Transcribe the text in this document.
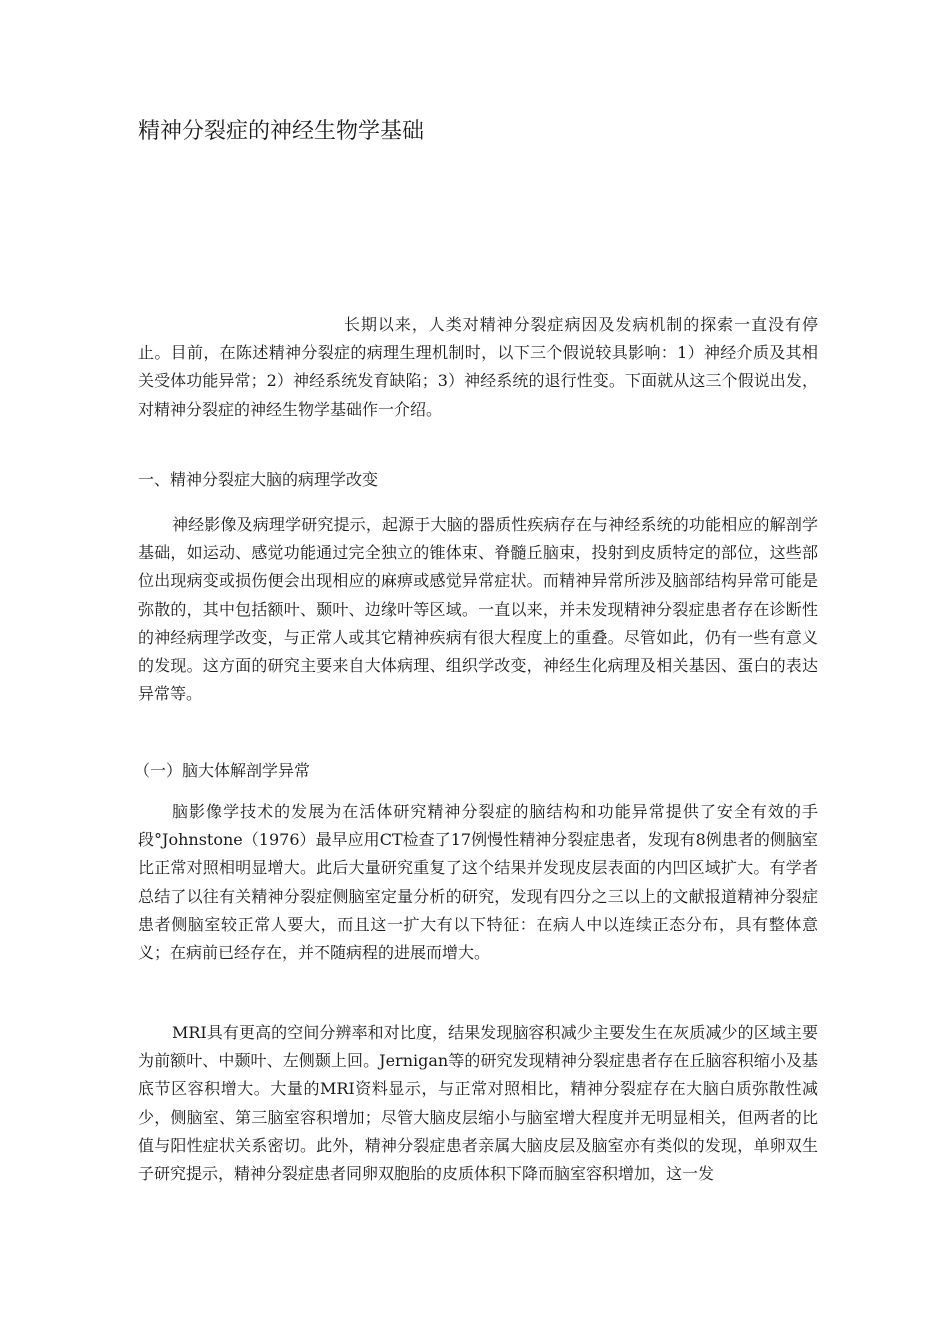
精神分裂症的神经生物学基础

长期以来，人类对精神分裂症病因及发病机制的探索一直没有停止。目前，在陈述精神分裂症的病理生理机制时，以下三个假说较具影响：1）神经介质及其相关受体功能异常；2）神经系统发育缺陷；3）神经系统的退行性变。下面就从这三个假说出发，对精神分裂症的神经生物学基础作一介绍。

一、精神分裂症大脑的病理学改变

神经影像及病理学研究提示，起源于大脑的器质性疾病存在与神经系统的功能相应的解剖学基础，如运动、感觉功能通过完全独立的锥体束、脊髓丘脑束，投射到皮质特定的部位，这些部位出现病变或损伤便会出现相应的麻痹或感觉异常症状。而精神异常所涉及脑部结构异常可能是弥散的，其中包括额叶、颞叶、边缘叶等区域。一直以来，并未发现精神分裂症患者存在诊断性的神经病理学改变，与正常人或其它精神疾病有很大程度上的重叠。尽管如此，仍有一些有意义的发现。这方面的研究主要来自大体病理、组织学改变，神经生化病理及相关基因、蛋白的表达异常等。

（一）脑大体解剖学异常

脑影像学技术的发展为在活体研究精神分裂症的脑结构和功能异常提供了安全有效的手段°Johnstone（1976）最早应用CT检查了17例慢性精神分裂症患者，发现有8例患者的侧脑室比正常对照相明显增大。此后大量研究重复了这个结果并发现皮层表面的内凹区域扩大。有学者总结了以往有关精神分裂症侧脑室定量分析的研究，发现有四分之三以上的文献报道精神分裂症患者侧脑室较正常人要大，而且这一扩大有以下特征：在病人中以连续正态分布，具有整体意义；在病前已经存在，并不随病程的进展而增大。

MRI具有更高的空间分辨率和对比度，结果发现脑容积减少主要发生在灰质减少的区域主要为前额叶、中颞叶、左侧颞上回。Jernigan等的研究发现精神分裂症患者存在丘脑容积缩小及基底节区容积增大。大量的MRI资料显示，与正常对照相比，精神分裂症存在大脑白质弥散性减少，侧脑室、第三脑室容积增加；尽管大脑皮层缩小与脑室增大程度并无明显相关，但两者的比值与阳性症状关系密切。此外，精神分裂症患者亲属大脑皮层及脑室亦有类似的发现，单卵双生子研究提示，精神分裂症患者同卵双胞胎的皮质体积下降而脑室容积增加，这一发
